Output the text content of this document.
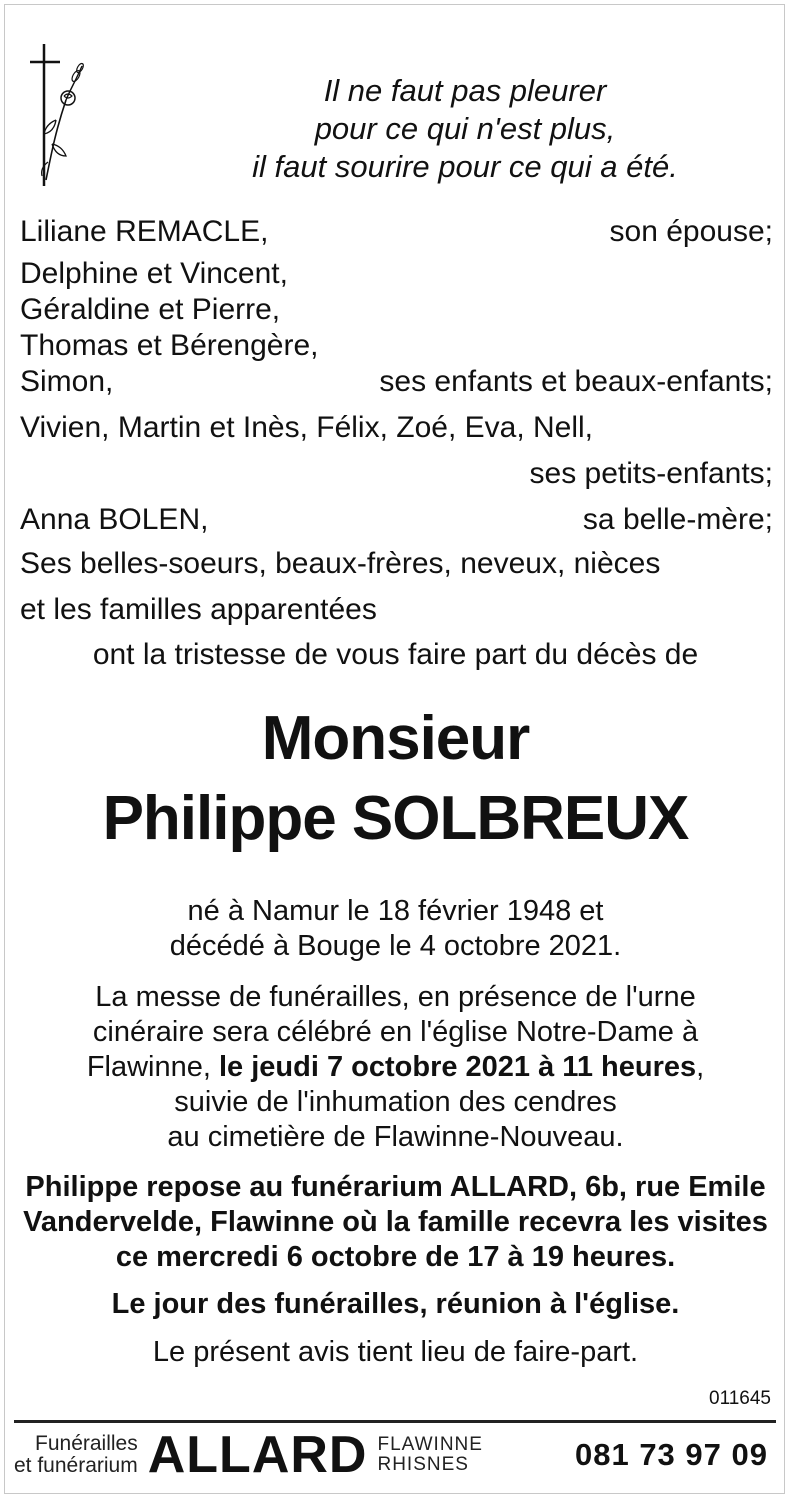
Il ne faut pas pleurer
pour ce qui n'est plus,
il faut sourire pour ce qui a été.
Liliane REMACLE,	son épouse;
Delphine et Vincent,
Géraldine et Pierre,
Thomas et Bérengère,
Simon,	ses enfants et beaux-enfants;
Vivien, Martin et Inès, Félix, Zoé, Eva, Nell,
ses petits-enfants;
Anna BOLEN,	sa belle-mère;
Ses belles-soeurs, beaux-frères, neveux, nièces
et les familles apparentées
ont la tristesse de vous faire part du décès de
Monsieur
Philippe SOLBREUX
né à Namur le 18 février 1948 et
décédé à Bouge le 4 octobre 2021.
La messe de funérailles, en présence de l'urne
cinéraire sera célébré en l'église Notre-Dame à
Flawinne, le jeudi 7 octobre 2021 à 11 heures,
suivie de l'inhumation des cendres
au cimetière de Flawinne-Nouveau.
Philippe repose au funérarium ALLARD, 6b, rue Emile
Vandervelde, Flawinne où la famille recevra les visites
ce mercredi 6 octobre de 17 à 19 heures.
Le jour des funérailles, réunion à l'église.
Le présent avis tient lieu de faire-part.
011645
Funérailles
et funérarium ALLARD FLAWINNE
RHISNES	081 73 97 09
